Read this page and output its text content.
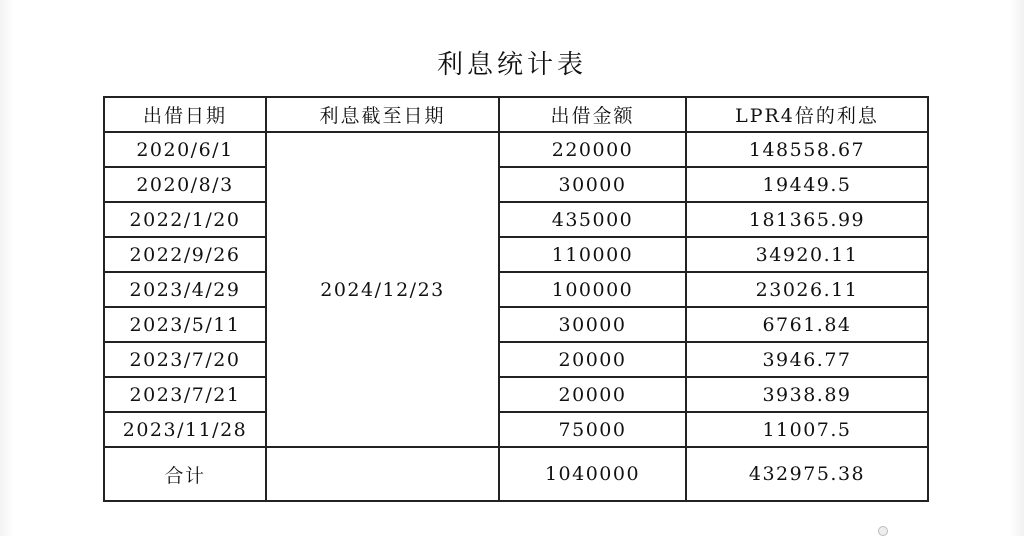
利息统计表
出借日期	利息截至日期	出借金额	LPR4倍的利息
2020/6/1	2024/12/23	220000	148558.67
2020/8/3		30000	19449.5
2022/1/20		435000	181365.99
2022/9/26		110000	34920.11
2023/4/29		100000	23026.11
2023/5/11		30000	6761.84
2023/7/20		20000	3946.77
2023/7/21		20000	3938.89
2023/11/28		75000	11007.5
合计		1040000	432975.38
